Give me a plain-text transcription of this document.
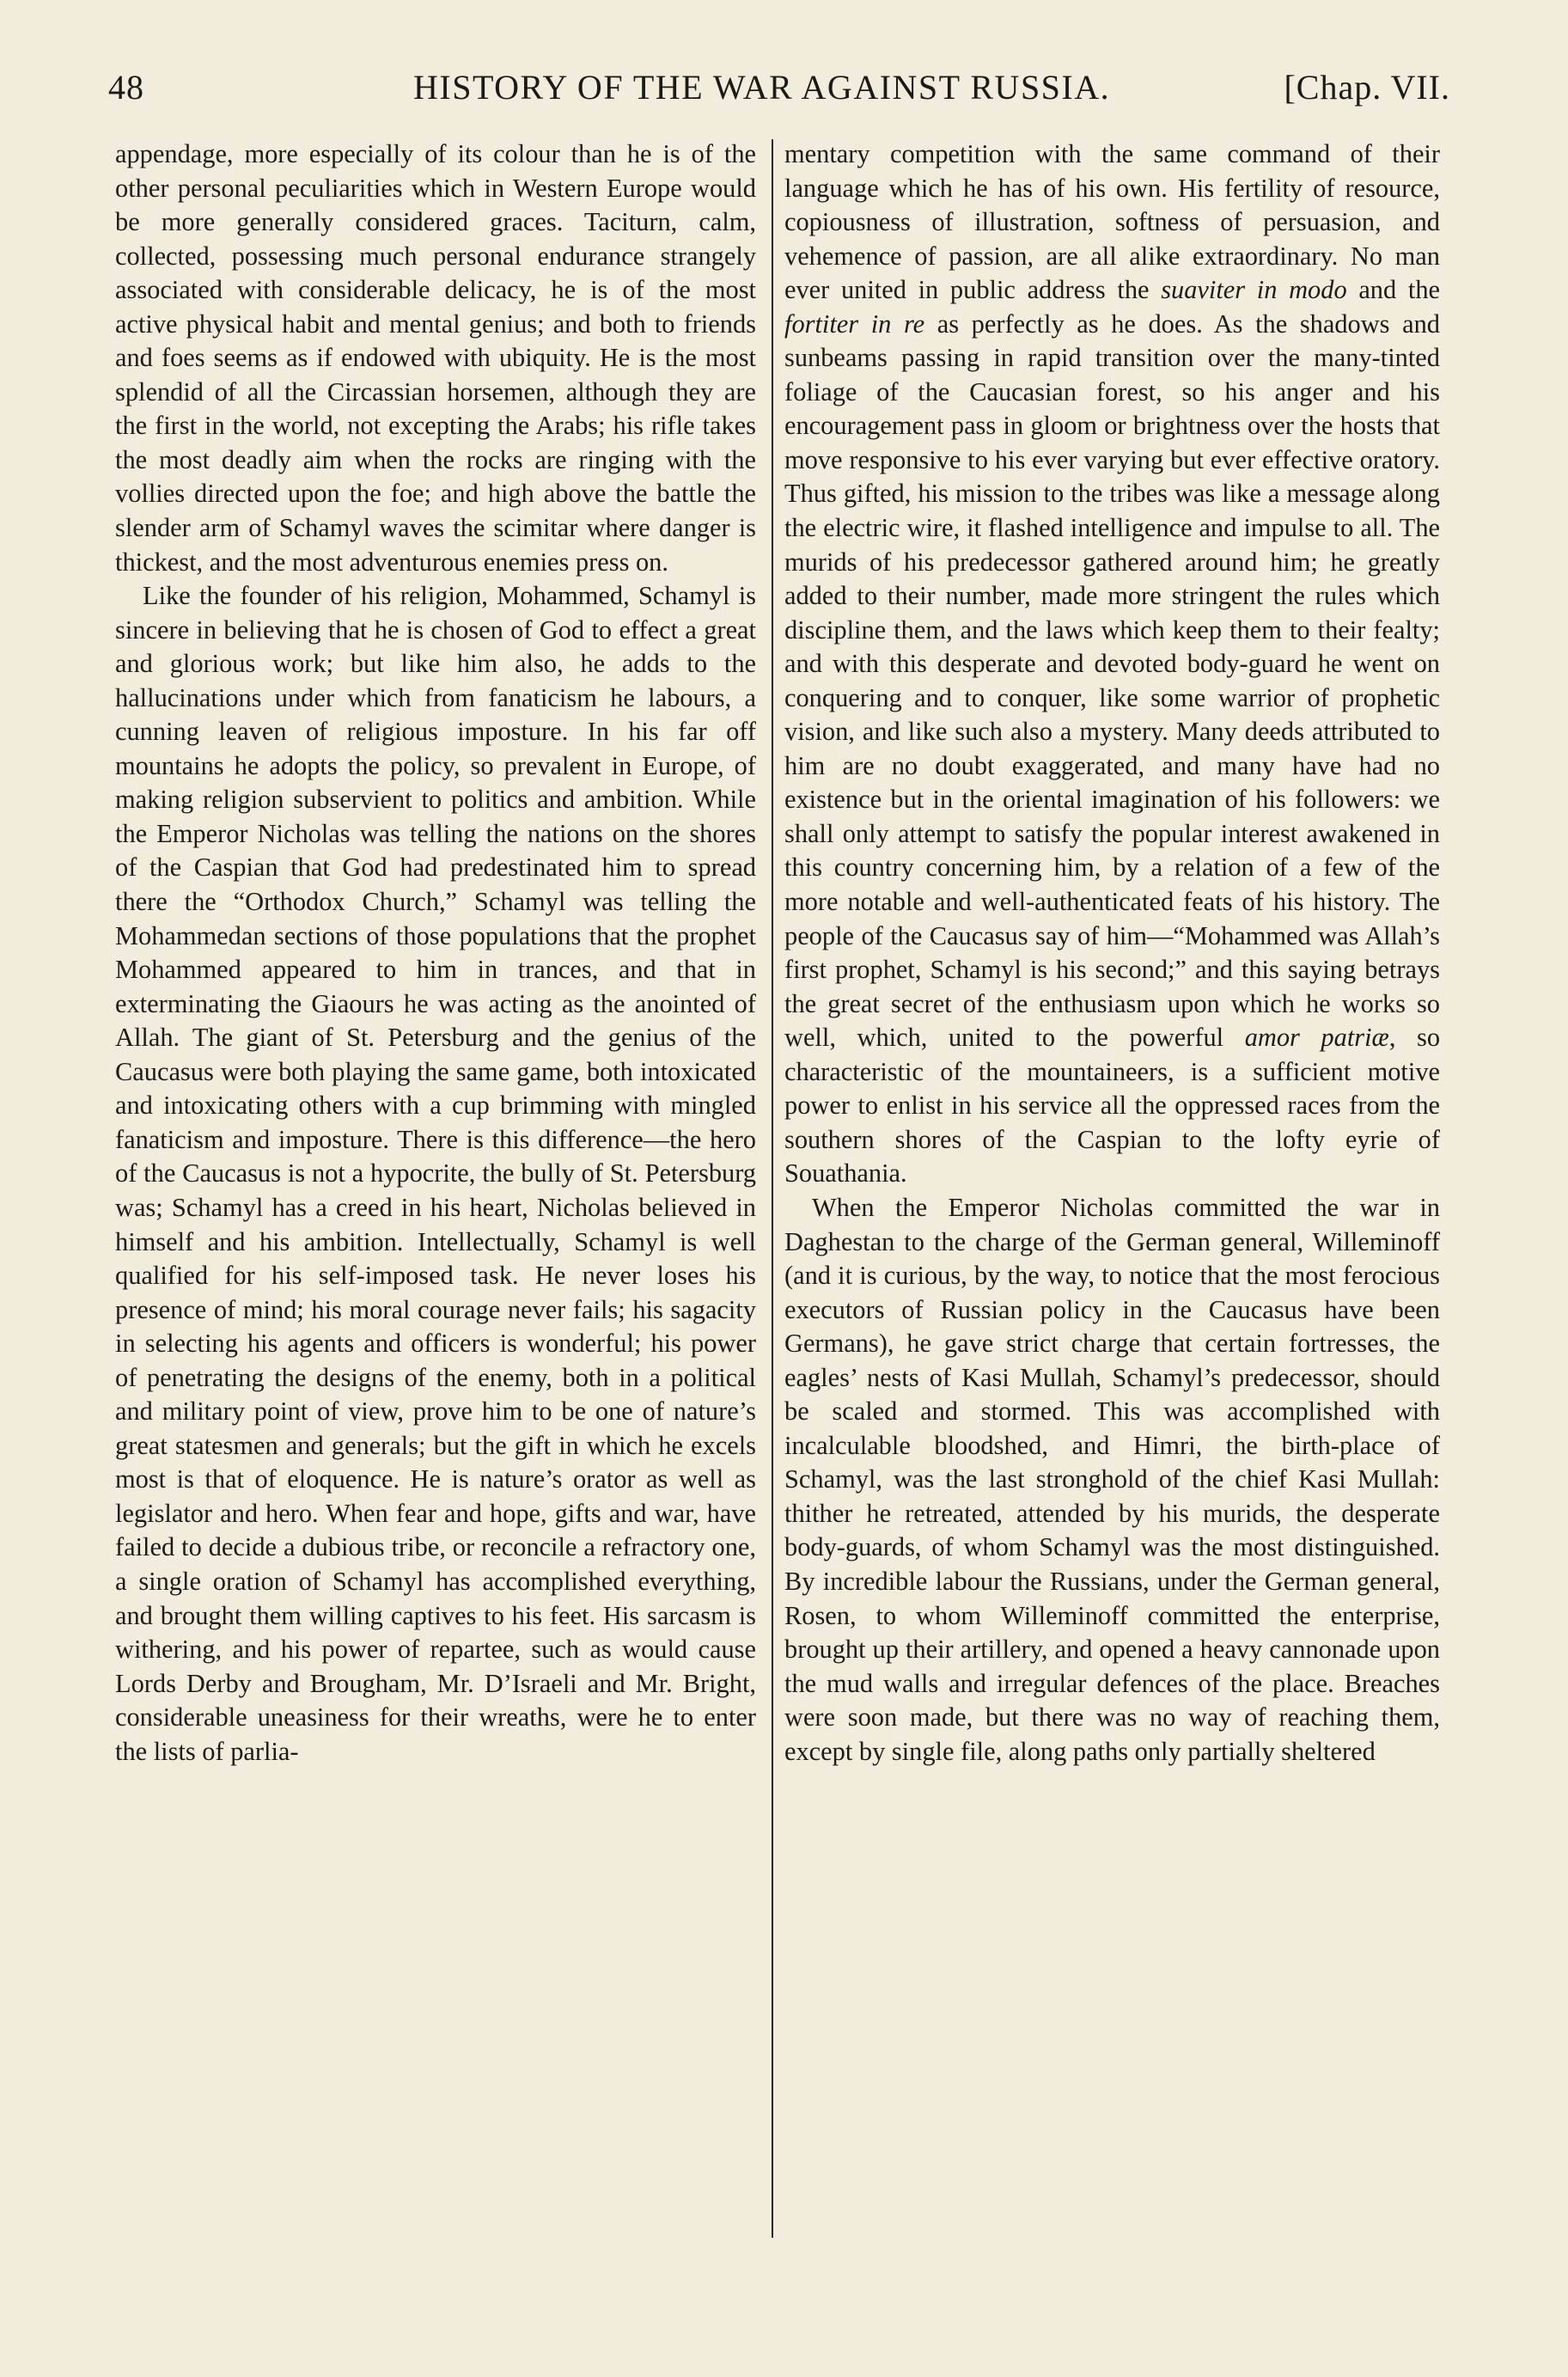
48	HISTORY OF THE WAR AGAINST RUSSIA.	[Chap. VII.

appendage, more especially of its colour than he is of the other personal peculiarities which in Western Europe would be more generally considered graces. Taciturn, calm, collected, possessing much personal endurance strangely associated with considerable delicacy, he is of the most active physical habit and mental genius; and both to friends and foes seems as if endowed with ubiquity. He is the most splendid of all the Circassian horsemen, although they are the first in the world, not excepting the Arabs; his rifle takes the most deadly aim when the rocks are ringing with the vollies directed upon the foe; and high above the battle the slender arm of Schamyl waves the scimitar where danger is thickest, and the most adventurous enemies press on.

Like the founder of his religion, Mohammed, Schamyl is sincere in believing that he is chosen of God to effect a great and glorious work; but like him also, he adds to the hallucinations under which from fanaticism he labours, a cunning leaven of religious imposture. In his far off mountains he adopts the policy, so prevalent in Europe, of making religion subservient to politics and ambition. While the Emperor Nicholas was telling the nations on the shores of the Caspian that God had predestinated him to spread there the “Orthodox Church,” Schamyl was telling the Mohammedan sections of those populations that the prophet Mohammed appeared to him in trances, and that in exterminating the Giaours he was acting as the anointed of Allah. The giant of St. Petersburg and the genius of the Caucasus were both playing the same game, both intoxicated and intoxicating others with a cup brimming with mingled fanaticism and imposture. There is this difference—the hero of the Caucasus is not a hypocrite, the bully of St. Petersburg was; Schamyl has a creed in his heart, Nicholas believed in himself and his ambition. Intellectually, Schamyl is well qualified for his self-imposed task. He never loses his presence of mind; his moral courage never fails; his sagacity in selecting his agents and officers is wonderful; his power of penetrating the designs of the enemy, both in a political and military point of view, prove him to be one of nature’s great statesmen and generals; but the gift in which he excels most is that of eloquence. He is nature’s orator as well as legislator and hero. When fear and hope, gifts and war, have failed to decide a dubious tribe, or reconcile a refractory one, a single oration of Schamyl has accomplished everything, and brought them willing captives to his feet. His sarcasm is withering, and his power of repartee, such as would cause Lords Derby and Brougham, Mr. D’Israeli and Mr. Bright, considerable uneasiness for their wreaths, were he to enter the lists of parlia-

mentary competition with the same command of their language which he has of his own. His fertility of resource, copiousness of illustration, softness of persuasion, and vehemence of passion, are all alike extraordinary. No man ever united in public address the suaviter in modo and the fortiter in re as perfectly as he does. As the shadows and sunbeams passing in rapid transition over the many-tinted foliage of the Caucasian forest, so his anger and his encouragement pass in gloom or brightness over the hosts that move responsive to his ever varying but ever effective oratory. Thus gifted, his mission to the tribes was like a message along the electric wire, it flashed intelligence and impulse to all. The murids of his predecessor gathered around him; he greatly added to their number, made more stringent the rules which discipline them, and the laws which keep them to their fealty; and with this desperate and devoted body-guard he went on conquering and to conquer, like some warrior of prophetic vision, and like such also a mystery. Many deeds attributed to him are no doubt exaggerated, and many have had no existence but in the oriental imagination of his followers: we shall only attempt to satisfy the popular interest awakened in this country concerning him, by a relation of a few of the more notable and well-authenticated feats of his history. The people of the Caucasus say of him—“Mohammed was Allah’s first prophet, Schamyl is his second;” and this saying betrays the great secret of the enthusiasm upon which he works so well, which, united to the powerful amor patriæ, so characteristic of the mountaineers, is a sufficient motive power to enlist in his service all the oppressed races from the southern shores of the Caspian to the lofty eyrie of Souathania.

When the Emperor Nicholas committed the war in Daghestan to the charge of the German general, Willeminoff (and it is curious, by the way, to notice that the most ferocious executors of Russian policy in the Caucasus have been Germans), he gave strict charge that certain fortresses, the eagles’ nests of Kasi Mullah, Schamyl’s predecessor, should be scaled and stormed. This was accomplished with incalculable bloodshed, and Himri, the birth-place of Schamyl, was the last stronghold of the chief Kasi Mullah: thither he retreated, attended by his murids, the desperate body-guards, of whom Schamyl was the most distinguished. By incredible labour the Russians, under the German general, Rosen, to whom Willeminoff committed the enterprise, brought up their artillery, and opened a heavy cannonade upon the mud walls and irregular defences of the place. Breaches were soon made, but there was no way of reaching them, except by single file, along paths only partially sheltered
